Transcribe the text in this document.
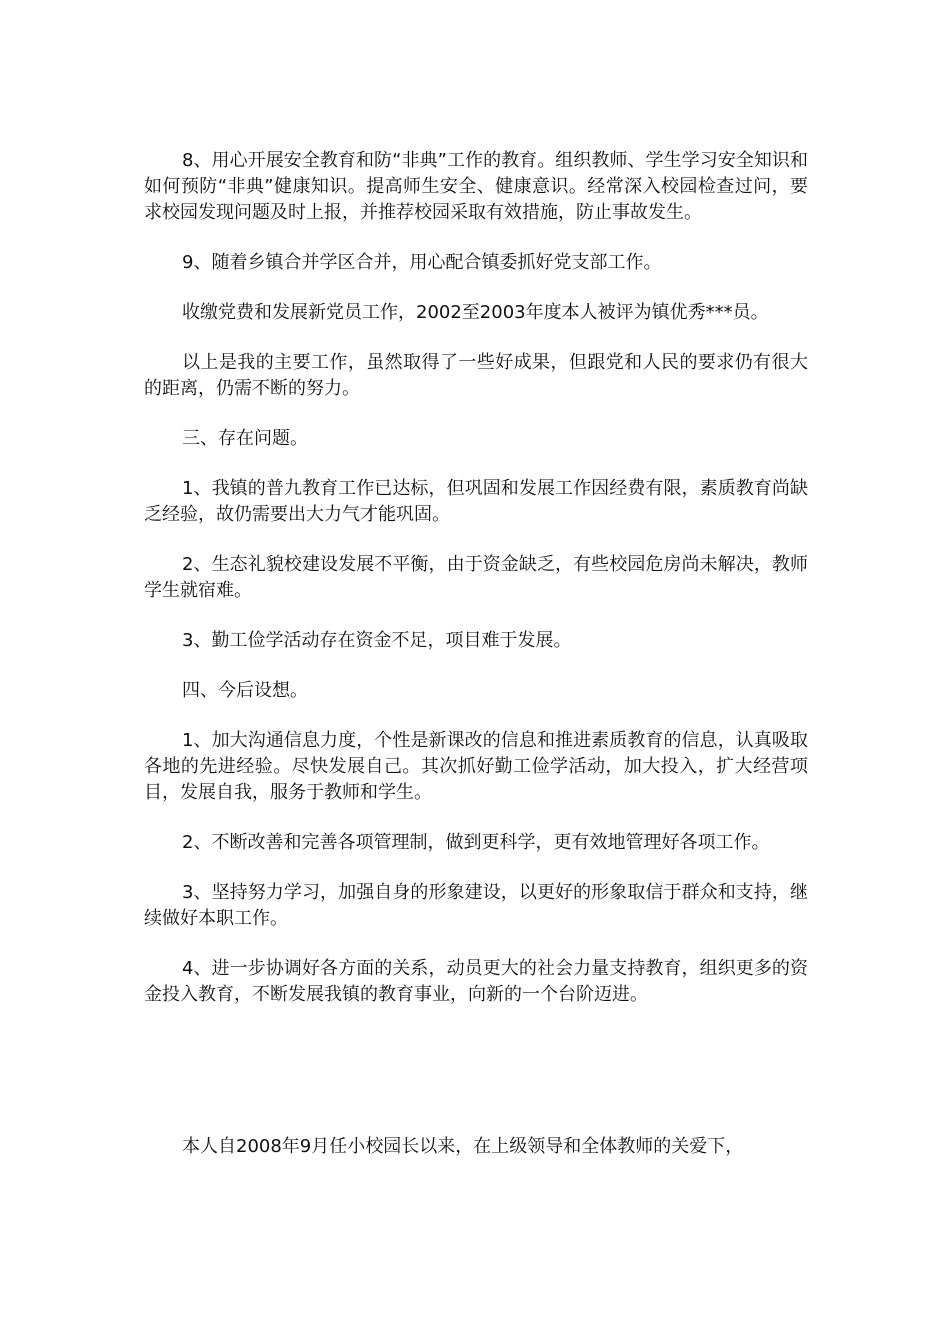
8、用心开展安全教育和防“非典”工作的教育。组织教师、学生学习安全知识和如何预防“非典”健康知识。提高师生安全、健康意识。经常深入校园检查过问，要求校园发现问题及时上报，并推荐校园采取有效措施，防止事故发生。

9、随着乡镇合并学区合并，用心配合镇委抓好党支部工作。

收缴党费和发展新党员工作，2002至2003年度本人被评为镇优秀***员。

以上是我的主要工作，虽然取得了一些好成果，但跟党和人民的要求仍有很大的距离，仍需不断的努力。

三、存在问题。

1、我镇的普九教育工作已达标，但巩固和发展工作因经费有限，素质教育尚缺乏经验，故仍需要出大力气才能巩固。

2、生态礼貌校建设发展不平衡，由于资金缺乏，有些校园危房尚未解决，教师学生就宿难。

3、勤工俭学活动存在资金不足，项目难于发展。

四、今后设想。

1、加大沟通信息力度，个性是新课改的信息和推进素质教育的信息，认真吸取各地的先进经验。尽快发展自己。其次抓好勤工俭学活动，加大投入，扩大经营项目，发展自我，服务于教师和学生。

2、不断改善和完善各项管理制，做到更科学，更有效地管理好各项工作。

3、坚持努力学习，加强自身的形象建设，以更好的形象取信于群众和支持，继续做好本职工作。

4、进一步协调好各方面的关系，动员更大的社会力量支持教育，组织更多的资金投入教育，不断发展我镇的教育事业，向新的一个台阶迈进。

本人自2008年9月任小校园长以来，在上级领导和全体教师的关爱下，
